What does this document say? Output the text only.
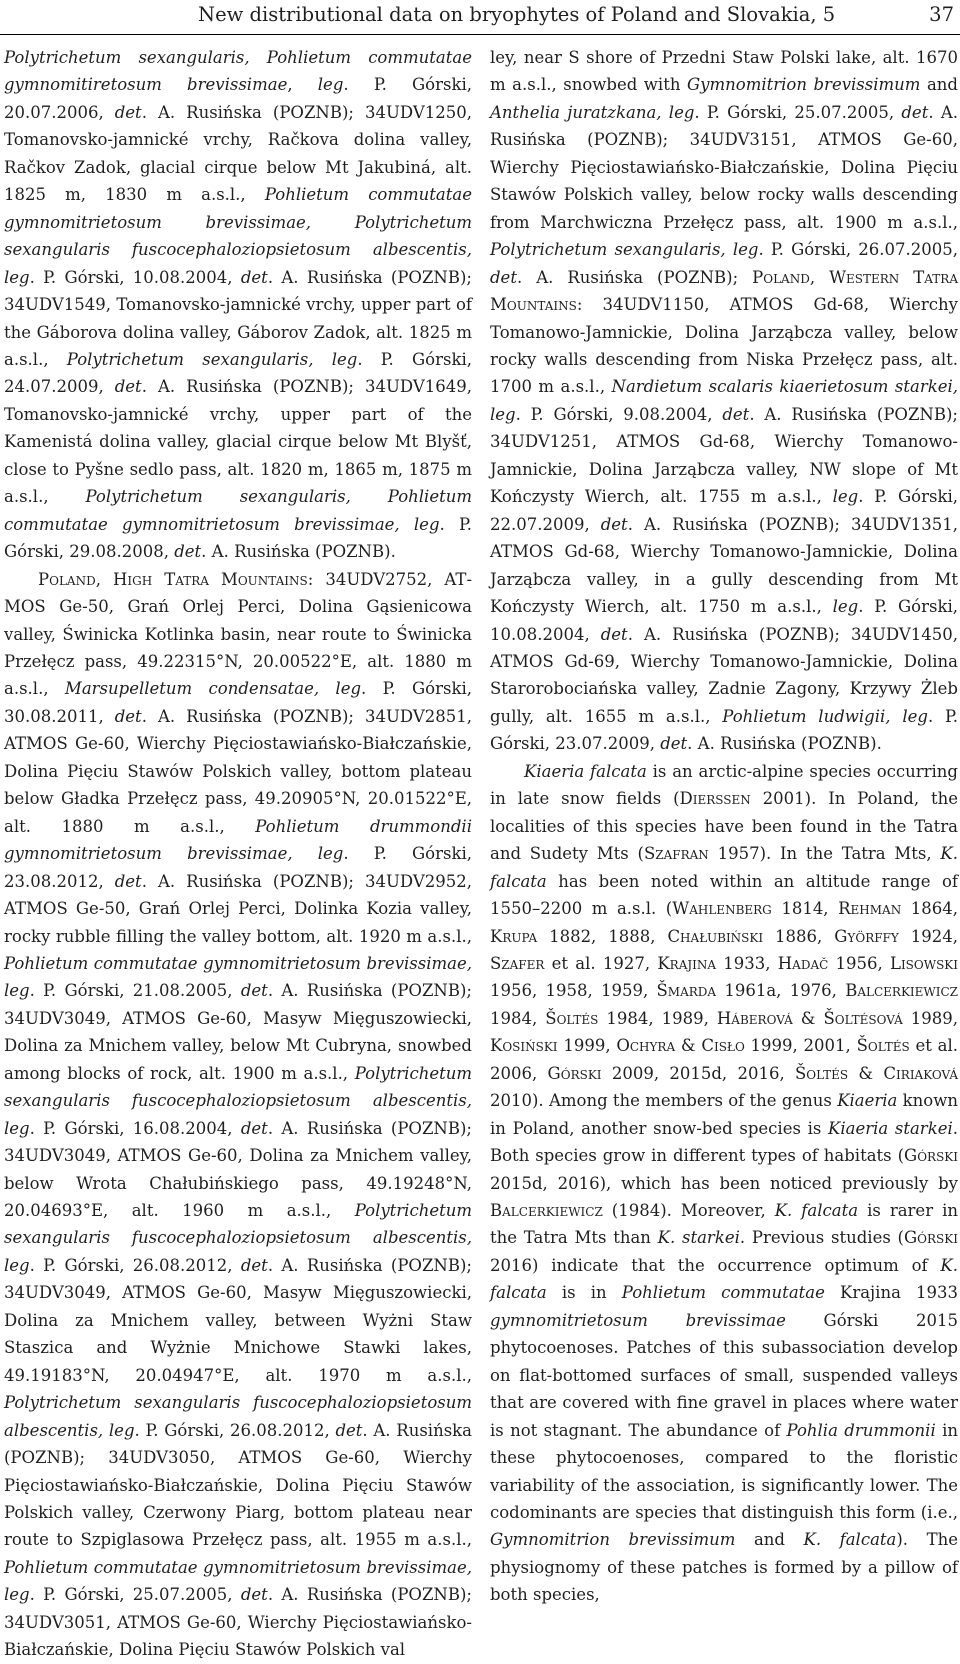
New distributional data on bryophytes of Poland and Slovakia, 5	37

Polytrichetum sexangularis, Pohlietum commutatae gymnomitiretosum brevissimae, leg. P. Górski, 20.07.2006, det. A. Rusińska (POZNB); 34UDV1250, Tomanovsko-jamnické vrchy, Račkova dolina valley, Račkov Zadok, glacial cirque below Mt Jakubiná, alt. 1825 m, 1830 m a.s.l., Pohlietum commutatae gymnomitrietosum brevissimae, Polytrichetum sexangularis fuscocephaloziopsietosum albescentis, leg. P. Górski, 10.08.2004, det. A. Rusińska (POZNB); 34UDV1549, Tomanovsko-jamnické vrchy, upper part of the Gáborova dolina valley, Gáborov Zadok, alt. 1825 m a.s.l., Polytrichetum sexangularis, leg. P. Górski, 24.07.2009, det. A. Rusińska (POZNB); 34UDV1649, Tomanovsko-jamnické vrchy, upper part of the Kamenistá dolina valley, glacial cirque below Mt Blyšť, close to Pyšne sedlo pass, alt. 1820 m, 1865 m, 1875 m a.s.l., Polytrichetum sexangularis, Pohlietum commutatae gymnomitrietosum brevissimae, leg. P. Górski, 29.08.2008, det. A. Rusińska (POZNB).

Poland, High Tatra Mountains: 34UDV2752, ATMOS Ge-50, Grań Orlej Perci, Dolina Gąsienicowa valley, Świnicka Kotlinka basin, near route to Świnicka Przełęcz pass, 49.22315°N, 20.00522°E, alt. 1880 m a.s.l., Marsupelletum condensatae, leg. P. Górski, 30.08.2011, det. A. Rusińska (POZNB); 34UDV2851, ATMOS Ge-60, Wierchy Pięciostawiańsko-Białczańskie, Dolina Pięciu Stawów Polskich valley, bottom plateau below Gładka Przełęcz pass, 49.20905°N, 20.01522°E, alt. 1880 m a.s.l., Pohlietum drummondii gymnomitrietosum brevissimae, leg. P. Górski, 23.08.2012, det. A. Rusińska (POZNB); 34UDV2952, ATMOS Ge-50, Grań Orlej Perci, Dolinka Kozia valley, rocky rubble filling the valley bottom, alt. 1920 m a.s.l., Pohlietum commutatae gymnomitrietosum brevissimae, leg. P. Górski, 21.08.2005, det. A. Rusińska (POZNB); 34UDV3049, ATMOS Ge-60, Masyw Mięguszowiecki, Dolina za Mnichem valley, below Mt Cubryna, snowbed among blocks of rock, alt. 1900 m a.s.l., Polytrichetum sexangularis fuscocephaloziopsietosum albescentis, leg. P. Górski, 16.08.2004, det. A. Rusińska (POZNB); 34UDV3049, ATMOS Ge-60, Dolina za Mnichem valley, below Wrota Chałubińskiego pass, 49.19248°N, 20.04693°E, alt. 1960 m a.s.l., Polytrichetum sexangularis fuscocephaloziopsietosum albescentis, leg. P. Górski, 26.08.2012, det. A. Rusińska (POZNB); 34UDV3049, ATMOS Ge-60, Masyw Mięguszowiecki, Dolina za Mnichem valley, between Wyżni Staw Staszica and Wyżnie Mnichowe Stawki lakes, 49.19183°N, 20.04947°E, alt. 1970 m a.s.l., Polytrichetum sexangularis fuscocephaloziopsietosum albescentis, leg. P. Górski, 26.08.2012, det. A. Rusińska (POZNB); 34UDV3050, ATMOS Ge-60, Wierchy Pięciostawiańsko-Białczańskie, Dolina Pięciu Stawów Polskich valley, Czerwony Piarg, bottom plateau near route to Szpiglasowa Przełęcz pass, alt. 1955 m a.s.l., Pohlietum commutatae gymnomitrietosum brevissimae, leg. P. Górski, 25.07.2005, det. A. Rusińska (POZNB); 34UDV3051, ATMOS Ge-60, Wierchy Pięciostawiańsko-Białczańskie, Dolina Pięciu Stawów Polskich val

ley, near S shore of Przedni Staw Polski lake, alt. 1670 m a.s.l., snowbed with Gymnomitrion brevissimum and Anthelia juratzkana, leg. P. Górski, 25.07.2005, det. A. Rusińska (POZNB); 34UDV3151, ATMOS Ge-60, Wierchy Pięciostawiańsko-Białczańskie, Dolina Pięciu Stawów Polskich valley, below rocky walls descending from Marchwiczna Przełęcz pass, alt. 1900 m a.s.l., Polytrichetum sexangularis, leg. P. Górski, 26.07.2005, det. A. Rusińska (POZNB); Poland, Western Tatra Mountains: 34UDV1150, ATMOS Gd-68, Wierchy Tomanowo-Jamnickie, Dolina Jarząbcza valley, below rocky walls descending from Niska Przełęcz pass, alt. 1700 m a.s.l., Nardietum scalaris kiaerietosum starkei, leg. P. Górski, 9.08.2004, det. A. Rusińska (POZNB); 34UDV1251, ATMOS Gd-68, Wierchy Tomanowo-Jamnickie, Dolina Jarząbcza valley, NW slope of Mt Kończysty Wierch, alt. 1755 m a.s.l., leg. P. Górski, 22.07.2009, det. A. Rusińska (POZNB); 34UDV1351, ATMOS Gd-68, Wierchy Tomanowo-Jamnickie, Dolina Jarząbcza valley, in a gully descending from Mt Kończysty Wierch, alt. 1750 m a.s.l., leg. P. Górski, 10.08.2004, det. A. Rusińska (POZNB); 34UDV1450, ATMOS Gd-69, Wierchy Tomanowo-Jamnickie, Dolina Starorobociańska valley, Zadnie Zagony, Krzywy Żleb gully, alt. 1655 m a.s.l., Pohlietum ludwigii, leg. P. Górski, 23.07.2009, det. A. Rusińska (POZNB).

Kiaeria falcata is an arctic-alpine species occurring in late snow fields (Dierssen 2001). In Poland, the localities of this species have been found in the Tatra and Sudety Mts (Szafran 1957). In the Tatra Mts, K. falcata has been noted within an altitude range of 1550–2200 m a.s.l. (Wahlenberg 1814, Rehman 1864, Krupa 1882, 1888, Chałubiński 1886, Györffy 1924, Szafer et al. 1927, Krajina 1933, Hadač 1956, Lisowski 1956, 1958, 1959, Šmarda 1961a, 1976, Balcerkiewicz 1984, Šoltés 1984, 1989, Háberová & Šoltésová 1989, Kosiński 1999, Ochyra & Cisło 1999, 2001, Šoltés et al. 2006, Górski 2009, 2015d, 2016, Šoltés & Ciriaková 2010). Among the members of the genus Kiaeria known in Poland, another snow-bed species is Kiaeria starkei. Both species grow in different types of habitats (Górski 2015d, 2016), which has been noticed previously by Balcerkiewicz (1984). Moreover, K. falcata is rarer in the Tatra Mts than K. starkei. Previous studies (Górski 2016) indicate that the occurrence optimum of K. falcata is in Pohlietum commutatae Krajina 1933 gymnomitrietosum brevissimae Górski 2015 phytocoenoses. Patches of this subassociation develop on flat-bottomed surfaces of small, suspended valleys that are covered with fine gravel in places where water is not stagnant. The abundance of Pohlia drummonii in these phytocoenoses, compared to the floristic variability of the association, is significantly lower. The codominants are species that distinguish this form (i.e., Gymnomitrion brevissimum and K. falcata). The physiognomy of these patches is formed by a pillow of both species,
